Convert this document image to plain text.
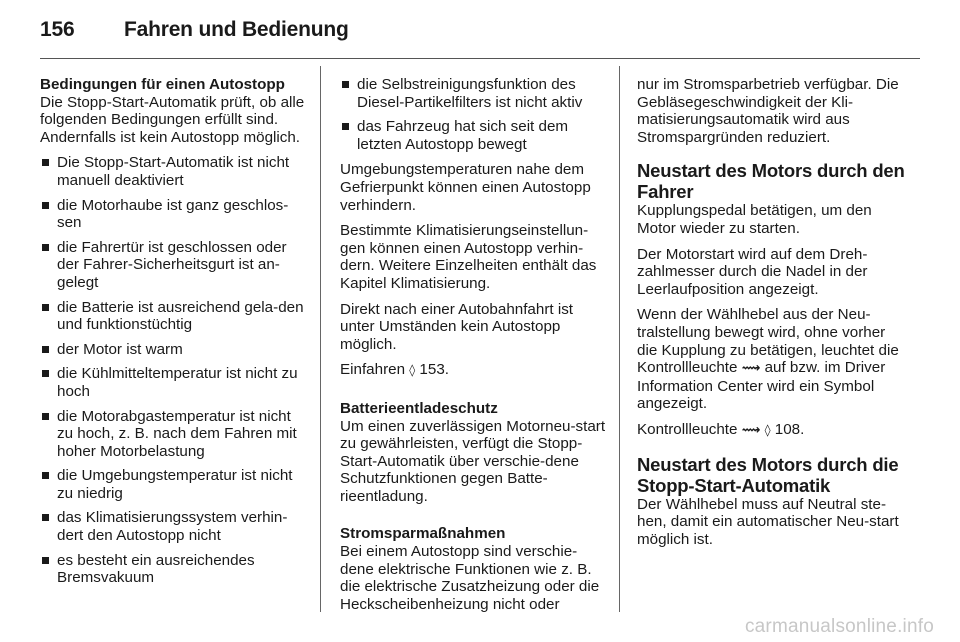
156	Fahren und Bedienung
Bedingungen für einen Autostopp

Die Stopp-Start-Automatik prüft, ob alle folgenden Bedingungen erfüllt sind. Andernfalls ist kein Autostopp möglich.

Die Stopp-Start-Automatik ist nicht manuell deaktiviert
die Motorhaube ist ganz geschlos-sen
die Fahrertür ist geschlossen oder der Fahrer-Sicherheitsgurt ist an-gelegt
die Batterie ist ausreichend gela-den und funktionstüchtig
der Motor ist warm
die Kühlmitteltemperatur ist nicht zu hoch
die Motorabgastemperatur ist nicht zu hoch, z. B. nach dem Fahren mit hoher Motorbelastung
die Umgebungstemperatur ist nicht zu niedrig
das Klimatisierungssystem verhin-dert den Autostopp nicht
es besteht ein ausreichendes Bremsvakuum
die Selbstreinigungsfunktion des Diesel-Partikelfilters ist nicht aktiv
das Fahrzeug hat sich seit dem letzten Autostopp bewegt

Umgebungstemperaturen nahe dem Gefrierpunkt können einen Autostopp verhindern.

Bestimmte Klimatisierungseinstellun-gen können einen Autostopp verhin-dern. Weitere Einzelheiten enthält das Kapitel Klimatisierung.

Direkt nach einer Autobahnfahrt ist unter Umständen kein Autostopp möglich.

Einfahren ◊ 153.

Batterieentladeschutz

Um einen zuverlässigen Motorneu-start zu gewährleisten, verfügt die Stopp-Start-Automatik über verschie-dene Schutzfunktionen gegen Batte-rieentladung.

Stromsparmaßnahmen

Bei einem Autostopp sind verschie-dene elektrische Funktionen wie z. B. die elektrische Zusatzheizung oder die Heckscheibenheizung nicht oder

nur im Stromsparbetrieb verfügbar. Die Gebläsegeschwindigkeit der Kli-matisierungsautomatik wird aus Stromspargründen reduziert.

Neustart des Motors durch den Fahrer

Kupplungspedal betätigen, um den Motor wieder zu starten.

Der Motorstart wird auf dem Dreh-zahlmesser durch die Nadel in der Leerlaufposition angezeigt.

Wenn der Wählhebel aus der Neu-tralstellung bewegt wird, ohne vorher die Kupplung zu betätigen, leuchtet die Kontrollleuchte ⟿ auf bzw. im Driver Information Center wird ein Symbol angezeigt.

Kontrollleuchte ⟿ ◊ 108.

Neustart des Motors durch die Stopp-Start-Automatik

Der Wählhebel muss auf Neutral ste-hen, damit ein automatischer Neu-start möglich ist.

carmanualsonline.info
